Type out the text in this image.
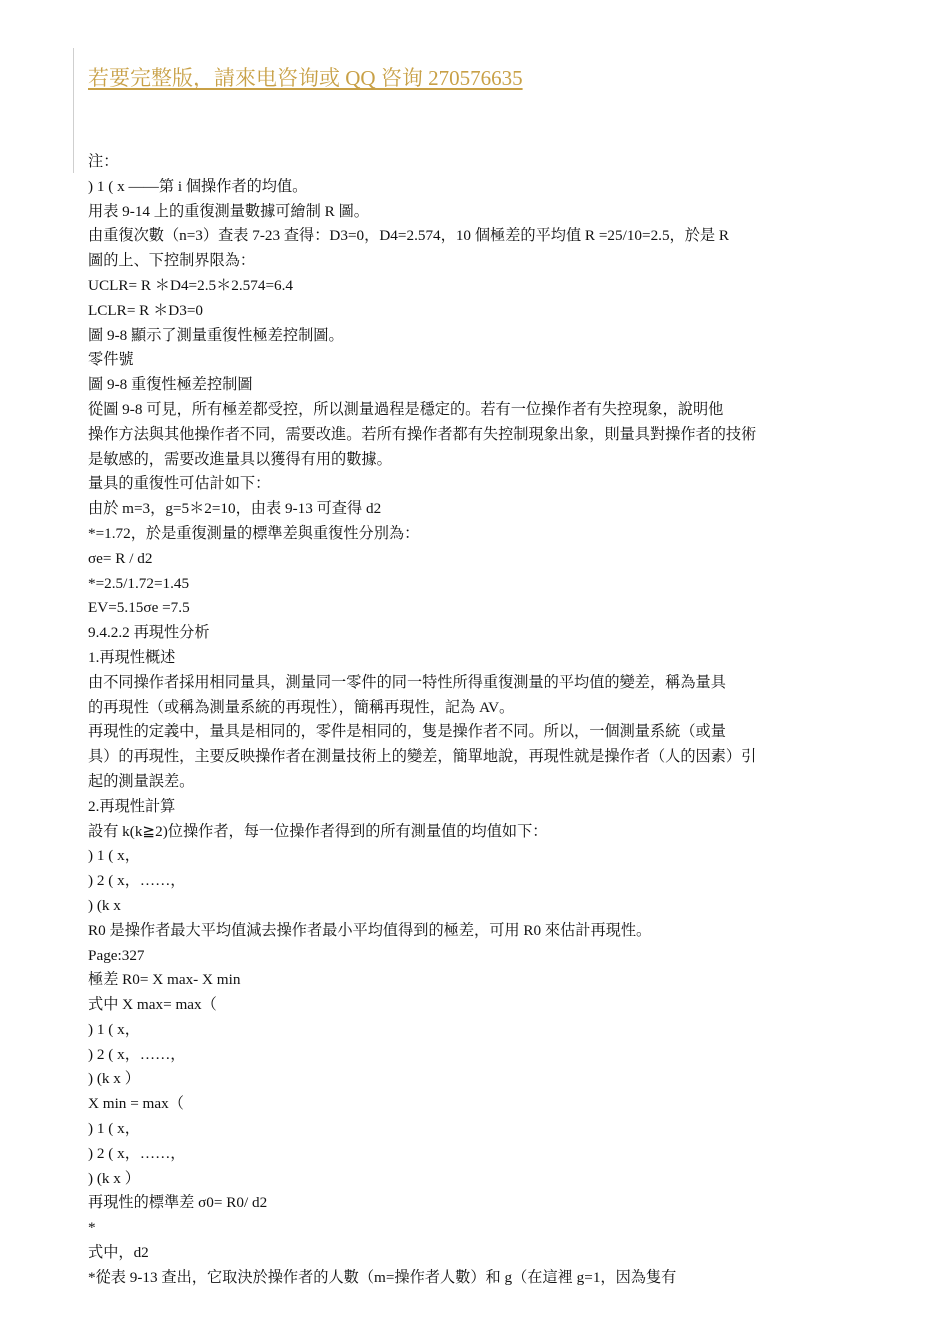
若要完整版，請來电咨询或 QQ 咨询 270576635
注：
) 1 ( x ——第 i 個操作者的均值。
用表 9-14 上的重復測量數據可繪制 R 圖。
由重復次數（n=3）查表 7-23 查得：D3=0，D4=2.574，10 個極差的平均值 R =25/10=2.5，於是 R
圖的上、下控制界限為：
UCLR= R ＊D4=2.5＊2.574=6.4
LCLR= R ＊D3=0
圖 9-8 顯示了測量重復性極差控制圖。
零件號
圖 9-8 重復性極差控制圖
從圖 9-8 可見，所有極差都受控，所以測量過程是穩定的。若有一位操作者有失控現象，說明他
操作方法與其他操作者不同，需要改進。若所有操作者都有失控制現象出象，則量具對操作者的技術
是敏感的，需要改進量具以獲得有用的數據。
量具的重復性可估計如下：
由於 m=3，g=5＊2=10，由表 9-13 可查得 d2
*=1.72，於是重復測量的標準差與重復性分別為：
σe= R / d2
*=2.5/1.72=1.45
EV=5.15σe =7.5
9.4.2.2 再現性分析
1.再現性概述
由不同操作者採用相同量具，測量同一零件的同一特性所得重復測量的平均值的變差，稱為量具
的再現性（或稱為測量系統的再現性），簡稱再現性，記為 AV。
再現性的定義中，量具是相同的，零件是相同的，隻是操作者不同。所以，一個測量系統（或量
具）的再現性，主要反映操作者在測量技術上的變差，簡單地說，再現性就是操作者（人的因素）引
起的測量誤差。
2.再現性計算
設有 k(k≧2)位操作者，每一位操作者得到的所有測量值的均值如下：
) 1 ( x，
) 2 ( x，……，
) (k x
R0 是操作者最大平均值減去操作者最小平均值得到的極差，可用 R0 來估計再現性。
Page:327
極差 R0= X max- X min
式中 X max= max（
) 1 ( x，
) 2 ( x，……，
) (k x ）
X min = max（
) 1 ( x，
) 2 ( x，……，
) (k x ）
再現性的標準差 σ0= R0/ d2
*
式中，d2
*從表 9-13 查出，它取決於操作者的人數（m=操作者人數）和 g（在這裡 g=1，因為隻有
